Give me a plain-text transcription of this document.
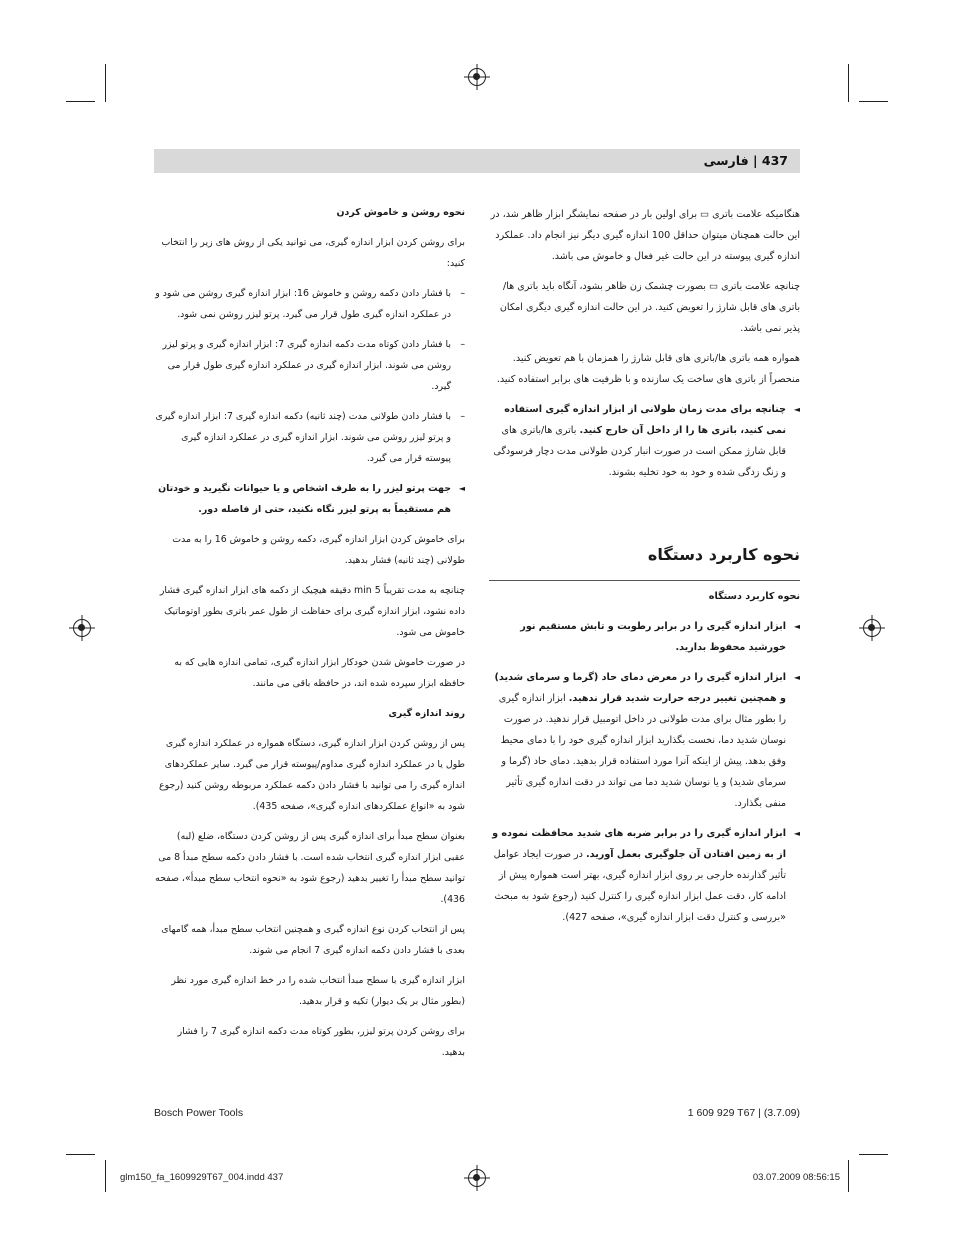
437 | فارسی

هنگامیکه علامت باتری ▭ برای اولین بار در صفحه نمایشگر ابزار ظاهر شد، در این حالت همچنان میتوان حداقل 100 اندازه گیری دیگر نیز انجام داد. عملکرد اندازه گیری پیوسته در این حالت غیر فعال و خاموش می باشد.

چنانچه علامت باتری ▭ بصورت چشمک زن ظاهر بشود، آنگاه باید باتری ها/باتری های قابل شارژ را تعویض کنید. در این حالت اندازه گیری دیگری امکان پذیر نمی باشد.

همواره همه باتری ها/باتری های قابل شارژ را همزمان با هم تعویض کنید. منحصراً از باتری های ساخت یک سازنده و با ظرفیت های برابر استفاده کنید.

◄
چنانچه برای مدت زمان طولانی از ابزار اندازه گیری استفاده نمی کنید، باتری ها را از داخل آن خارج کنید. باتری ها/باتری های قابل شارژ ممکن است در صورت انبار کردن طولانی مدت دچار فرسودگی و زنگ زدگی شده و خود به خود تخلیه بشوند.
نحوه کاربرد دستگاه
نحوه کاربرد دستگاه
◄
ابزار اندازه گیری را در برابر رطوبت و تابش مستقیم نور خورشید محفوظ بدارید.
◄
ابزار اندازه گیری را در معرض دمای حاد (گرما و سرمای شدید) و همچنین تغییر درجه حرارت شدید قرار ندهید. ابزار اندازه گیری را بطور مثال برای مدت طولانی در داخل اتومبیل قرار ندهید. در صورت نوسان شدید دما، نخست بگذارید ابزار اندازه گیری خود را با دمای محیط وفق بدهد. پیش از اینکه آنرا مورد استفاده قرار بدهید. دمای حاد (گرما و سرمای شدید) و یا نوسان شدید دما می تواند در دقت اندازه گیری تأثیر منفی بگذارد.
◄
ابزار اندازه گیری را در برابر ضربه های شدید محافظت نموده و از به زمین افتادن آن جلوگیری بعمل آورید. در صورت ایجاد عوامل تأثیر گذارنده خارجی بر روی ابزار اندازه گیری، بهتر است همواره پیش از ادامه کار، دقت عمل ابزار اندازه گیری را کنترل کنید (رجوع شود به مبحث «بررسی و کنترل دقت ابزار اندازه گیری»، صفحه 427).
نحوه روشن و خاموش کردن

برای روشن کردن ابزار اندازه گیری، می توانید یکی از روش های زیر را انتخاب کنید:

–
با فشار دادن دکمه روشن و خاموش 16: ابزار اندازه گیری روشن می شود و در عملکرد اندازه گیری طول قرار می گیرد. پرتو لیزر روشن نمی شود.
–
با فشار دادن کوتاه مدت دکمه اندازه گیری 7: ابزار اندازه گیری و پرتو لیزر روشن می شوند. ابزار اندازه گیری در عملکرد اندازه گیری طول قرار می گیرد.
–
با فشار دادن طولانی مدت (چند ثانیه) دکمه اندازه گیری 7: ابزار اندازه گیری و پرتو لیزر روشن می شوند. ابزار اندازه گیری در عملکرد اندازه گیری پیوسته قرار می گیرد.
◄
جهت پرتو لیزر را به طرف اشخاص و یا حیوانات نگیرید و خودتان هم مستقیماً به پرتو لیزر نگاه نکنید، حتی از فاصله دور.

برای خاموش کردن ابزار اندازه گیری، دکمه روشن و خاموش 16 را به مدت طولانی (چند ثانیه) فشار بدهید.

چنانچه به مدت تقریباً 5 min دقیقه هیچیک از دکمه های ابزار اندازه گیری فشار داده نشود، ابزار اندازه گیری برای حفاظت از طول عمر باتری بطور اوتوماتیک خاموش می شود.

در صورت خاموش شدن خودکار ابزار اندازه گیری، تمامی اندازه هایی که به حافظه ابزار سپرده شده اند، در حافظه باقی می مانند.

روند اندازه گیری

پس از روشن کردن ابزار اندازه گیری، دستگاه همواره در عملکرد اندازه گیری طول یا در عملکرد اندازه گیری مداوم/پیوسته قرار می گیرد. سایر عملکردهای اندازه گیری را می توانید با فشار دادن دکمه عملکرد مربوطه روشن کنید (رجوع شود به «انواع عملکردهای اندازه گیری»، صفحه 435).

بعنوان سطح مبدأ برای اندازه گیری پس از روشن کردن دستگاه، ضلع (لبه) عقبی ابزار اندازه گیری انتخاب شده است. با فشار دادن دکمه سطح مبدأ 8 می توانید سطح مبدأ را تغییر بدهید (رجوع شود به «نحوه انتخاب سطح مبدأ»، صفحه 436).

پس از انتخاب کردن نوع اندازه گیری و همچنین انتخاب سطح مبدأ، همه گامهای بعدی با فشار دادن دکمه اندازه گیری 7 انجام می شوند.

ابزار اندازه گیری با سطح مبدأ انتخاب شده را در خط اندازه گیری مورد نظر (بطور مثال بر یک دیوار) تکیه و قرار بدهید.

برای روشن کردن پرتو لیزر، بطور کوتاه مدت دکمه اندازه گیری 7 را فشار بدهید.

Bosch Power Tools	1 609 929 T67 | (3.7.09)
glm150_fa_1609929T67_004.indd 437	03.07.2009 08:56:15
